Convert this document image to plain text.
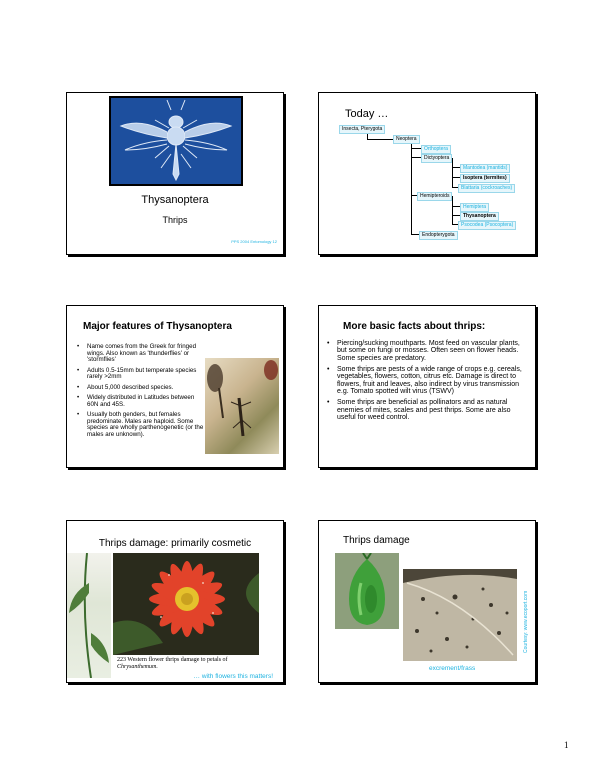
Thysanoptera
Thrips
PPS 2004 Entomology 12
Today …
Insecta, Pterygota
Neoptera
Orthoptera
Dictyoptera
Mantodea (mantids)
Isoptera (termites)
Blattaria (cockroaches)
Hemipteroids
Hemiptera
Thysanoptera
Psocodea (Psocoptera)
Endopterygota
Major features of Thysanoptera
• Name comes from the Greek for fringed wings. Also known as 'thunderflies' or 'stormflies'
• Adults 0.5-15mm but temperate species rarely >2mm
• About 5,000 described species.
• Widely distributed in Latitudes between 60N and 45S.
• Usually both genders, but females predominate. Males are haploid. Some species are wholly parthenogenetic (or the males are unknown).
More basic facts about thrips:
• Piercing/sucking mouthparts. Most feed on vascular plants, but some on fungi or mosses. Often seen on flower heads. Some species are predatory.
• Some thrips are pests of a wide range of crops e.g. cereals, vegetables, flowers, cotton, citrus etc. Damage is direct to flowers, fruit and leaves, also indirect by virus transmission e.g. Tomato spotted wilt virus (TSWV)
• Some thrips are beneficial as pollinators and as natural enemies of mites, scales and pest thrips. Some are also useful for weed control.
Thrips damage: primarily cosmetic
223 Western flower thrips damage to petals of
Chrysanthemum.
… with flowers this matters!
Thrips damage
excrement/frass
Courtesy: www.ecoport.com
1
